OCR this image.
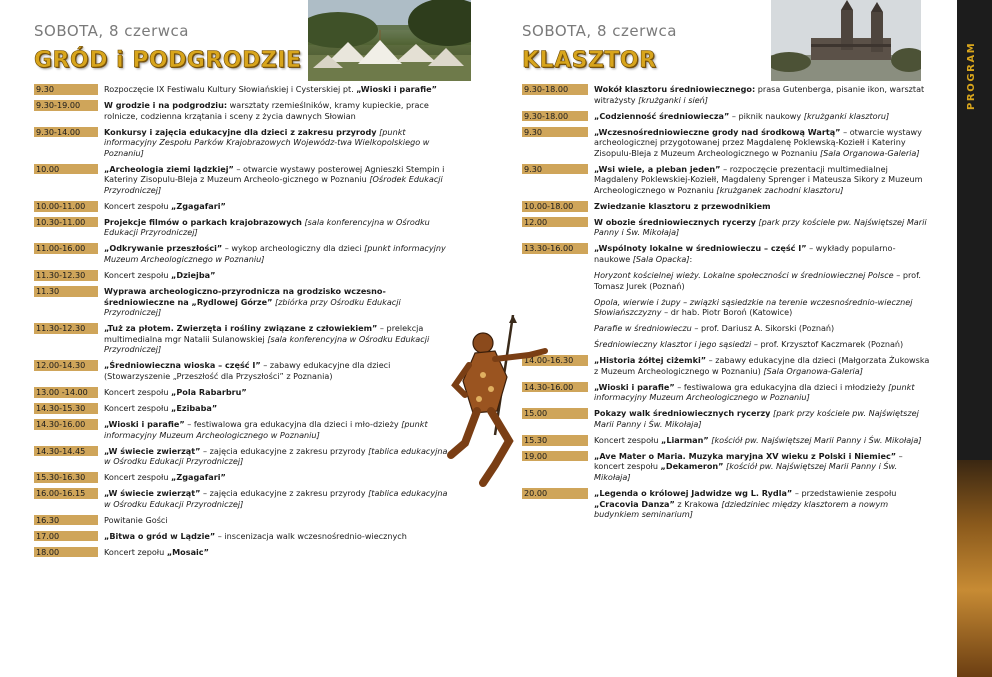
SOBOTA, 8 czerwca
GRÓD i PODGRODZIE
9.30	Rozpoczęcie IX Festiwalu Kultury Słowiańskiej i Cysterskiej pt. „Wioski i parafie”
9.30-19.00	W grodzie i na podgrodziu: warsztaty rzemieślników, kramy kupieckie, prace rolnicze, codzienna krzątania i sceny z życia dawnych Słowian
9.30-14.00	Konkursy i zajęcia edukacyjne dla dzieci z zakresu przyrody [punkt informacyjny Zespołu Parków Krajobrazowych Wojewódz-twa Wielkopolskiego w Poznaniu]
10.00	„Archeologia ziemi lądzkiej” – otwarcie wystawy posterowej Agnieszki Stempin i Kateriny Zisopulu-Bleja z Muzeum Archeolo-gicznego w Poznaniu [Ośrodek Edukacji Przyrodniczej]
10.00-11.00	Koncert zespołu „Zgagafari”
10.30-11.00	Projekcje filmów o parkach krajobrazowych [sala konferencyjna w Ośrodku Edukacji Przyrodniczej]
11.00-16.00	„Odkrywanie przeszłości” – wykop archeologiczny dla dzieci [punkt informacyjny Muzeum Archeologicznego w Poznaniu]
11.30-12.30	Koncert zespołu „Dziejba”
11.30	Wyprawa archeologiczno-przyrodnicza na grodzisko wczesno-średniowieczne na „Rydlowej Górze” [zbiórka przy Ośrodku Edukacji Przyrodniczej]
11.30-12.30	„Tuż za płotem. Zwierzęta i rośliny związane z człowiekiem” – prelekcja multimedialna mgr Natalii Sulanowskiej [sala konferencyjna w Ośrodku Edukacji Przyrodniczej]
12.00-14.30	„Średniowieczna wioska – część I” – zabawy edukacyjne dla dzieci (Stowarzyszenie „Przeszłość dla Przyszłości” z Poznania)
13.00 -14.00	Koncert zespołu „Pola Rabarbru”
14.30-15.30	Koncert zespołu „Ezibaba”
14.30-16.00	„Wioski i parafie” – festiwalowa gra edukacyjna dla dzieci i mło-dzieży [punkt informacyjny Muzeum Archeologicznego w Poznaniu]
14.30-14.45	„W świecie zwierząt” – zajęcia edukacyjne z zakresu przyrody [tablica edukacyjna w Ośrodku Edukacji Przyrodniczej]
15.30-16.30	Koncert zespołu „Zgagafari”
16.00-16.15	„W świecie zwierząt” – zajęcia edukacyjne z zakresu przyrody [tablica edukacyjna w Ośrodku Edukacji Przyrodniczej]
16.30	Powitanie Gości
17.00	„Bitwa o gród w Lądzie” – inscenizacja walk wczesnośrednio-wiecznych
18.00	Koncert zepołu „Mosaic”
SOBOTA, 8 czerwca
KLASZTOR
9.30-18.00	Wokół klasztoru średniowiecznego: prasa Gutenberga, pisanie ikon, warsztat witrażysty [krużganki i sień]
9.30-18.00	„Codzienność średniowiecza” – piknik naukowy [krużganki klasztoru]
9.30	„Wczesnośredniowieczne grody nad środkową Wartą” – otwarcie wystawy archeologicznej przygotowanej przez Magdalenę Poklewską-Koziełł i Kateriny Zisopulu-Bleja z Muzeum Archeologicznego w Poznaniu [Sala Organowa-Galeria]
9.30	„Wsi wiele, a pleban jeden” – rozpoczęcie prezentacji multimedialnej Magdaleny Poklewskiej-Koziełł, Magdaleny Sprenger i Mateusza Sikory z Muzeum Archeologicznego w Poznaniu [krużganek zachodni klasztoru]
10.00-18.00	Zwiedzanie klasztoru z przewodnikiem
12.00	W obozie średniowiecznych rycerzy [park przy kościele pw. Najświętszej Marii Panny i Św. Mikołaja]
13.30-16.00	„Wspólnoty lokalne w średniowieczu – część I” – wykłady popularno-naukowe [Sala Opacka]:
Horyzont kościelnej wieży. Lokalne społeczności w średniowiecznej Polsce – prof. Tomasz Jurek (Poznań)
Opola, wierwie i żupy – związki sąsiedzkie na terenie wczesnośrednio-wiecznej Słowiańszczyzny – dr hab. Piotr Boroń (Katowice)
Parafie w średniowieczu – prof. Dariusz A. Sikorski (Poznań)
Średniowieczny klasztor i jego sąsiedzi – prof. Krzysztof Kaczmarek (Poznań)
14.00-16.30	„Historia żółtej ciżemki” – zabawy edukacyjne dla dzieci (Małgorzata Żukowska z Muzeum Archeologicznego w Poznaniu) [Sala Organowa-Galeria]
14.30-16.00	„Wioski i parafie” – festiwalowa gra edukacyjna dla dzieci i młodzieży [punkt informacyjny Muzeum Archeologicznego w Poznaniu]
15.00	Pokazy walk średniowiecznych rycerzy [park przy kościele pw. Najświętszej Marii Panny i Św. Mikołaja]
15.30	Koncert zespołu „Liarman” [kościół pw. Najświętszej Marii Panny i Św. Mikołaja]
19.00	„Ave Mater o Maria. Muzyka maryjna XV wieku z Polski i Niemiec” – koncert zespołu „Dekameron” [kościół pw. Najświętszej Marii Panny i Św. Mikołaja]
20.00	„Legenda o królowej Jadwidze wg L. Rydla” – przedstawienie zespołu „Cracovia Danza” z Krakowa [dziedziniec między klasztorem a nowym budynkiem seminarium]
PROGRAM
